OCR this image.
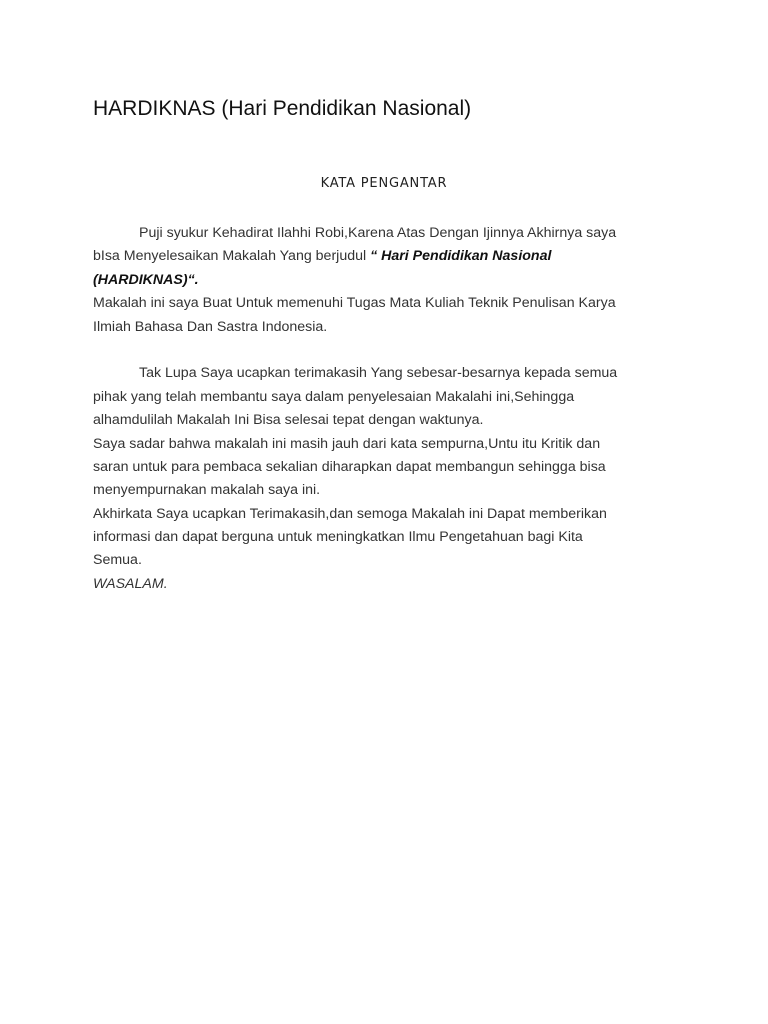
HARDIKNAS (Hari Pendidikan Nasional)
KATA PENGANTAR
Puji syukur Kehadirat Ilahhi Robi,Karena Atas Dengan Ijinnya Akhirnya saya
bIsa Menyelesaikan Makalah Yang berjudul “ Hari Pendidikan Nasional
(HARDIKNAS)“.
Makalah ini saya Buat Untuk memenuhi Tugas Mata Kuliah Teknik Penulisan Karya
Ilmiah Bahasa Dan Sastra Indonesia.
Tak Lupa Saya ucapkan terimakasih Yang sebesar-besarnya kepada semua
pihak yang telah membantu saya dalam penyelesaian Makalahi ini,Sehingga
alhamdulilah Makalah Ini Bisa selesai tepat dengan waktunya.
Saya sadar bahwa makalah ini masih jauh dari kata sempurna,Untu itu Kritik dan
saran untuk para pembaca sekalian diharapkan dapat membangun sehingga bisa
menyempurnakan makalah saya ini.
Akhirkata Saya ucapkan Terimakasih,dan semoga Makalah ini Dapat memberikan
informasi dan dapat berguna untuk meningkatkan Ilmu Pengetahuan bagi Kita
Semua.
WASALAM.
